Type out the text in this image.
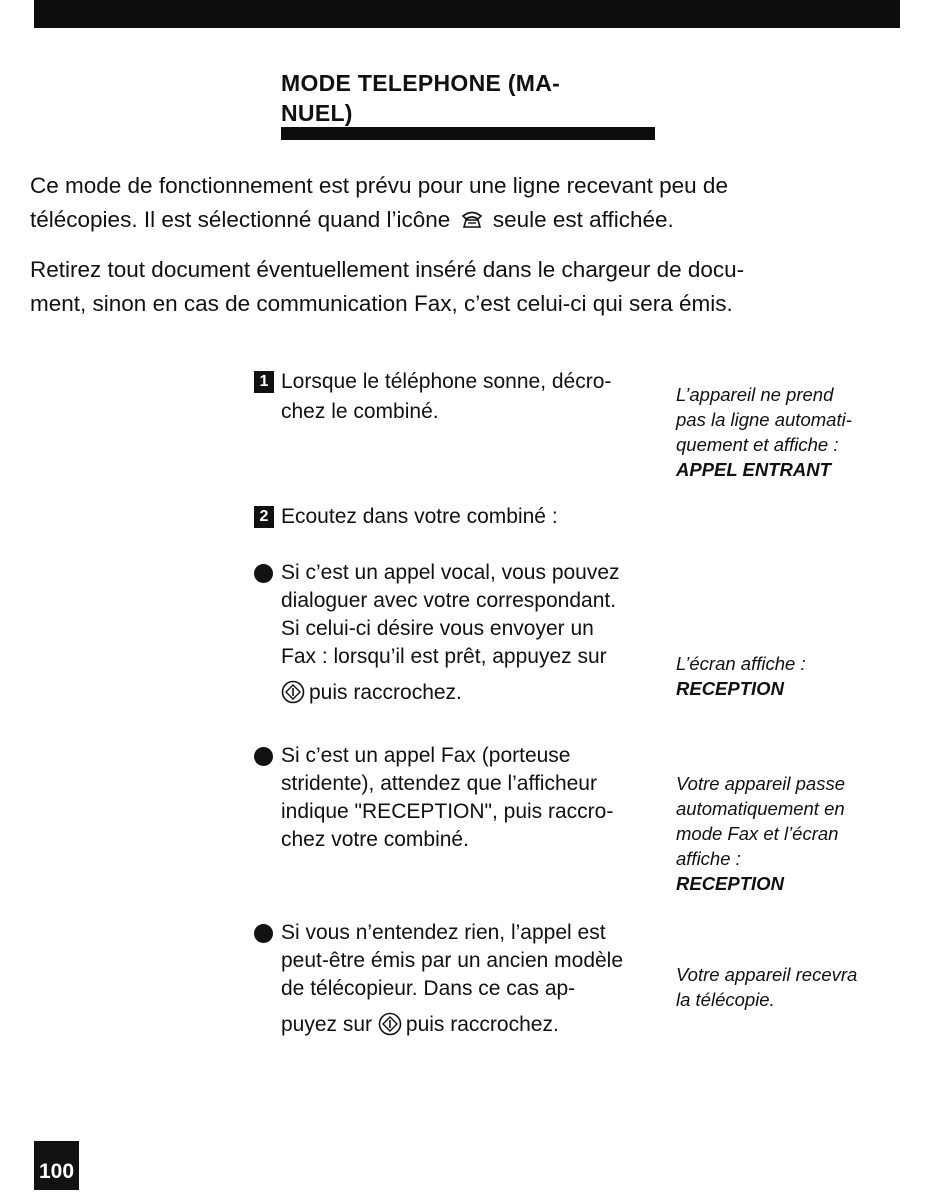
MODE TELEPHONE (MA-
NUEL)

Ce mode de fonctionnement est prévu pour une ligne recevant peu de
télécopies. Il est sélectionné quand l’icône seule est affichée.

Retirez tout document éventuellement inséré dans le chargeur de docu-
ment, sinon en cas de communication Fax, c’est celui-ci qui sera émis.

1 Lorsque le téléphone sonne, décro-
chez le combiné.
2 Ecoutez dans votre combiné :
Si c’est un appel vocal, vous pouvez
dialoguer avec votre correspondant.
Si celui-ci désire vous envoyer un
Fax : lorsqu’il est prêt, appuyez sur
puis raccrochez.
Si c’est un appel Fax (porteuse
stridente), attendez que l’afficheur
indique "RECEPTION", puis raccro-
chez votre combiné.
Si vous n’entendez rien, l’appel est
peut-être émis par un ancien modèle
de télécopieur. Dans ce cas ap-
puyez sur puis raccrochez.
L’appareil ne prend
pas la ligne automati-
quement et affiche :
APPEL ENTRANT
L’écran affiche :
RECEPTION
Votre appareil passe
automatiquement en
mode Fax et l’écran
affiche :
RECEPTION
Votre appareil recevra
la télécopie.
100
